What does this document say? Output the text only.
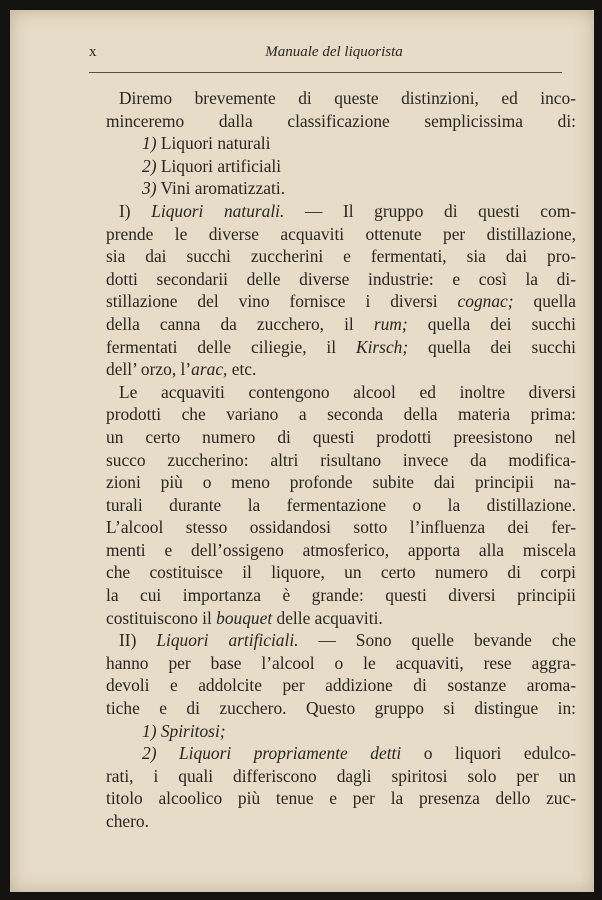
x	Manuale del liquorista
Diremo brevemente di queste distinzioni, ed inco-
minceremo dalla classificazione semplicissima di:
1) Liquori naturali
2) Liquori artificiali
3) Vini aromatizzati.
I) Liquori naturali. — Il gruppo di questi com-
prende le diverse acquaviti ottenute per distillazione,
sia dai succhi zuccherini e fermentati, sia dai pro-
dotti secondarii delle diverse industrie: e così la di-
stillazione del vino fornisce i diversi cognac; quella
della canna da zucchero, il rum; quella dei succhi
fermentati delle ciliegie, il Kirsch; quella dei succhi
dell’ orzo, l’arac, etc.
Le acquaviti contengono alcool ed inoltre diversi
prodotti che variano a seconda della materia prima:
un certo numero di questi prodotti preesistono nel
succo zuccherino: altri risultano invece da modifica-
zioni più o meno profonde subite dai principii na-
turali durante la fermentazione o la distillazione.
L’alcool stesso ossidandosi sotto l’influenza dei fer-
menti e dell’ossigeno atmosferico, apporta alla miscela
che costituisce il liquore, un certo numero di corpi
la cui importanza è grande: questi diversi principii
costituiscono il bouquet delle acquaviti.
II) Liquori artificiali. — Sono quelle bevande che
hanno per base l’alcool o le acquaviti, rese aggra-
devoli e addolcite per addizione di sostanze aroma-
tiche e di zucchero. Questo gruppo si distingue in:
1) Spiritosi;
2) Liquori propriamente detti o liquori edulco-
rati, i quali differiscono dagli spiritosi solo per un
titolo alcoolico più tenue e per la presenza dello zuc-
chero.
